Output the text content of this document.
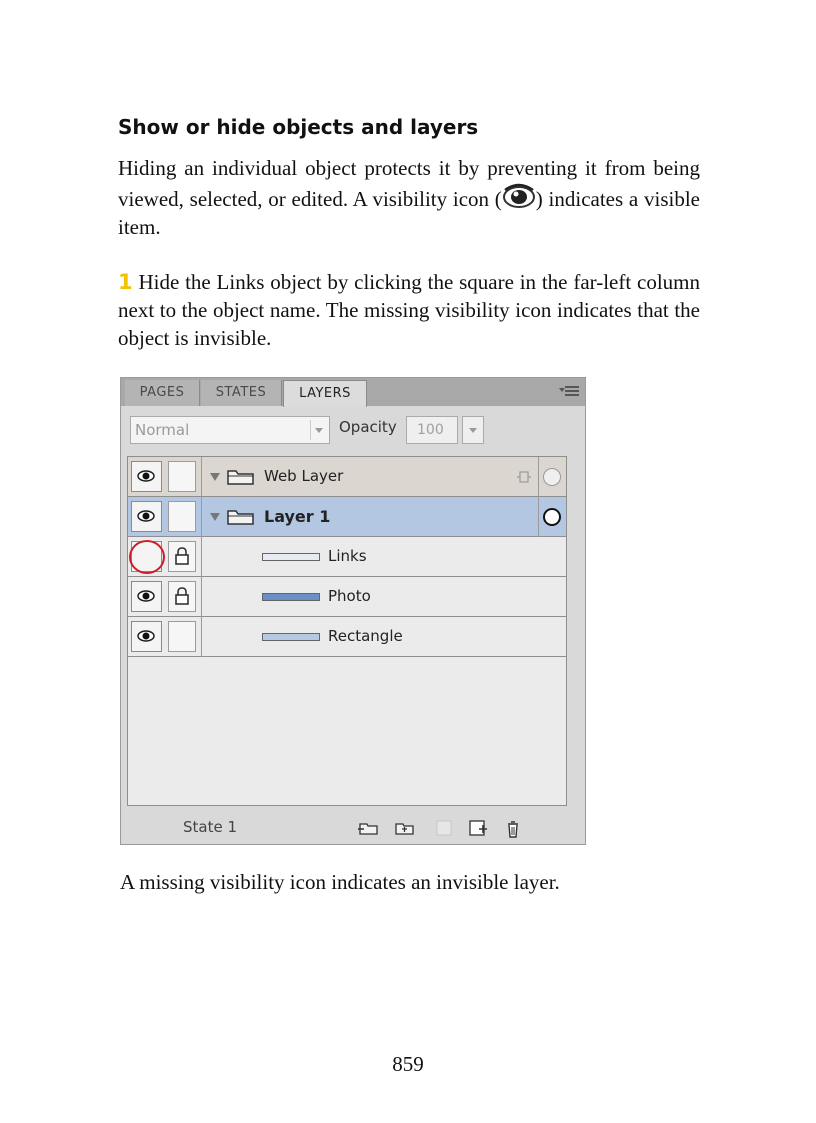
Show or hide objects and layers
Hiding an individual object protects it by preventing it from being viewed, selected, or edited. A visibility icon ( ) indicates a visible item.
1 Hide the Links object by clicking the square in the far-left column next to the object name. The missing visibility icon indicates that the object is invisible.
PAGES	STATES	LAYERS
Normal	Opacity	100
Web Layer
Layer 1
Links
Photo
Rectangle
State 1
A missing visibility icon indicates an invisible layer.
859
